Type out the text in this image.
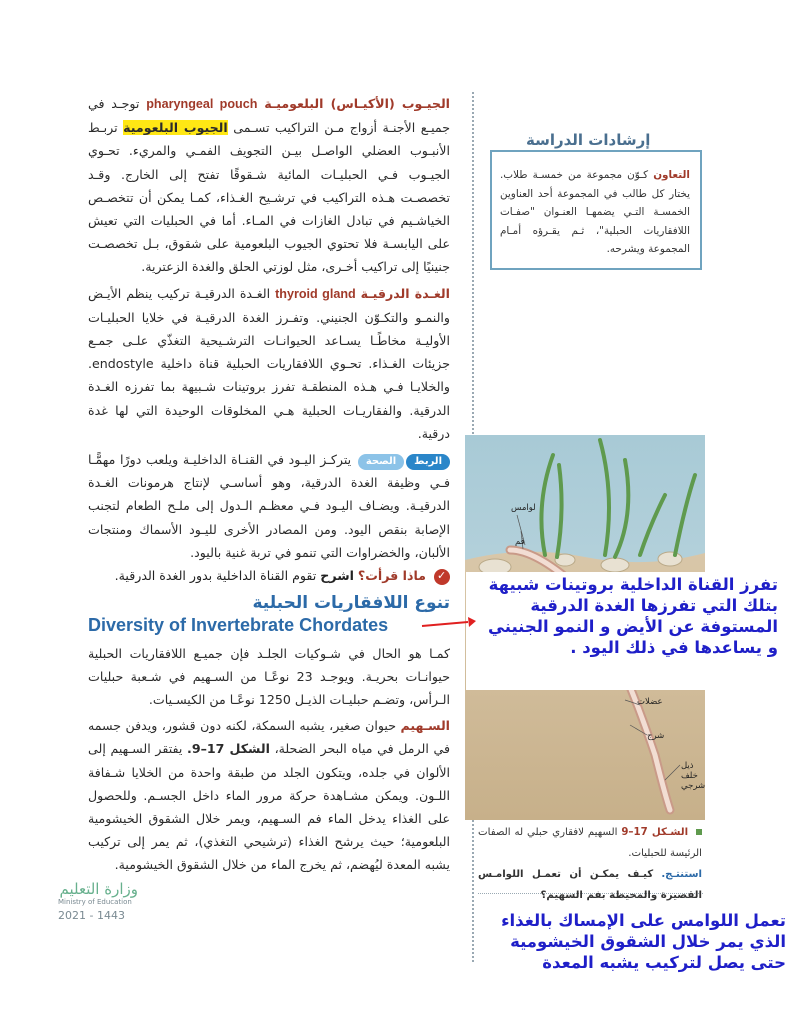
الجيـوب (الأكيـاس) البلعوميـة pharyngeal pouch توجـد في جميـع الأجنـة أزواج مـن التراكيب تسـمى الجيوب البلعومية تربـط الأنبـوب العضلي الواصـل بيـن التجويف الفمـي والمريء. تحـوي الجيـوب فـي الحبليـات المائية شـقوقًا تفتح إلى الخارج. وقـد تخصصـت هـذه التراكيب في ترشـيح الغـذاء، كمـا يمكن أن تتخصـص الخياشـيم في تبادل الغازات في المـاء. أما في الحبليات التي تعيش على اليابسـة فلا تحتوي الجيوب البلعومية على شقوق، بـل تخصصـت جنينيًا إلى تراكيب أخـرى، مثل لوزتي الحلق والغدة الزعترية.

الغـدة الدرقيـة thyroid gland الغـدة الدرقيـة تركيب ينظم الأيـض والنمـو والتكـوّن الجنيني. وتفـرز الغدة الدرقيـة في خلايا الحبليـات الأوليـة مخاطًـا يسـاعد الحيوانـات الترشـيحية التغذّي علـى جمـع جزيئات الغـذاء. تحـوي اللافقاريات الحبلية قناة داخلية endostyle. والخلايـا فـي هـذه المنطقـة تفرز بروتينات شـبيهة بما تفرزه الغـدة الدرقية. والفقاريـات الحبلية هـي المخلوقات الوحيدة التي لها غدة درقية.

الربطالصحة يتركـز اليـود في القنـاة الداخليـة ويلعب دورًا مهمًّـا فـي وظيفة الغدة الدرقية، وهو أساسـي لإنتاج هرمونات الغـدة الدرقيـة. ويضـاف اليـود فـي معظـم الـدول إلى ملـح الطعام لتجنب الإصابة بنقص اليود. ومن المصادر الأخرى لليـود الأسماك ومنتجات الألبان، والخضراوات التي تنمو في تربة غنية باليود.

✓ ماذا قرأت؟ اشرح تقوم القناة الداخلية بدور الغدة الدرقية.

تنوع اللافقاريات الحبلية
Diversity of Invertebrate Chordates

كمـا هو الحال في شـوكيات الجلـد فإن جميـع اللافقاريات الحبلية حيوانـات بحريـة. ويوجـد 23 نوعًـا من السـهيم في شـعبة حبليات الـرأس، وتضـم حبليـات الذيـل 1250 نوعًـا من الكيسـيات.

السـهيم حيوان صغير، يشبه السمكة، لكنه دون قشور، ويدفن جسمه في الرمل في مياه البحر الضحلة، الشكل 17–9. يفتقر السـهيم إلى الألوان في جلده، ويتكون الجلد من طبقة واحدة من الخلايا شـفافة اللـون. ويمكن مشـاهدة حركة مرور الماء داخل الجسـم. وللحصول على الغذاء يدخل الماء فم السـهيم، ويمر خلال الشقوق الخيشومية البلعومية؛ حيث يرشح الغذاء (ترشيحي التغذي)، ثم يمر إلى تركيب يشبه المعدة ليُهضم، ثم يخرج الماء من خلال الشقوق الخيشومية.

التعاون كـوّن مجموعة من خمسـة طلاب. يختار كل طالب في المجموعة أحد العناوين الخمسـة التـي يضمهـا العنـوان "صفـات اللافقاريات الحبلية"، ثـم يقـرؤه أمـام المجموعة ويشرحه.
إرشادات الدراسة
لوامس
فم
عضلات
شرج
ذيل خلف شرجي
الشـكل 17–9 السهيم لافقاري حبلي له الصفات الرئيسة للحبليات.
استنتـج. كيـف يمكـن أن تعمـل اللوامـس القصيرة والمحيطة بفم السهيم؟
تفرز القناة الداخلية بروتينات شبيهة بتلك التي تفرزها الغدة الدرقية المستوفة عن الأيض و النمو الجنيني و يساعدها في ذلك اليود .
تعمل اللوامس على الإمساك بالغذاء الذي يمر خلال الشقوق الخيشومية حتى يصل لتركيب يشبه المعدة
وزارة التعليم
Ministry of Education
2021 - 1443
